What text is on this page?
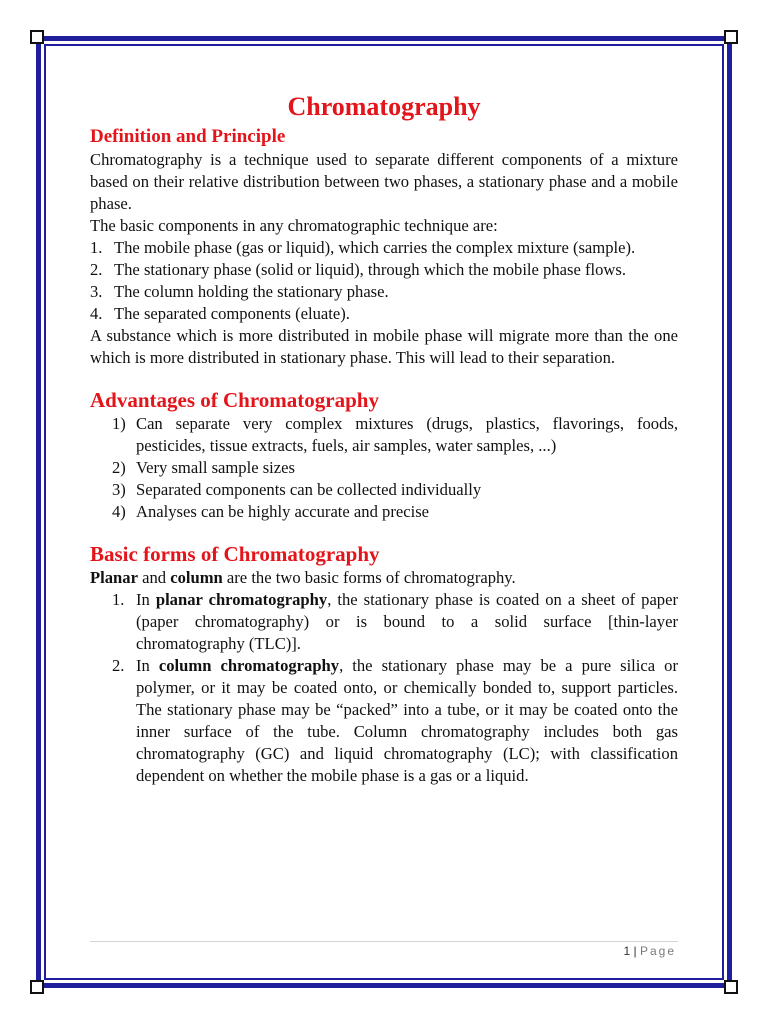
Chromatography
Definition and Principle

Chromatography is a technique used to separate different components of a mixture based on their relative distribution between two phases, a stationary phase and a mobile phase.

The basic components in any chromatographic technique are:

1. The mobile phase (gas or liquid), which carries the complex mixture (sample).
2. The stationary phase (solid or liquid), through which the mobile phase flows.
3. The column holding the stationary phase.
4. The separated components (eluate).

A substance which is more distributed in mobile phase will migrate more than the one which is more distributed in stationary phase. This will lead to their separation.

Advantages of Chromatography
1) Can separate very complex mixtures (drugs, plastics, flavorings, foods, pesticides, tissue extracts, fuels, air samples, water samples, ...)
2) Very small sample sizes
3) Separated components can be collected individually
4) Analyses can be highly accurate and precise
Basic forms of Chromatography

Planar and column are the two basic forms of chromatography.

1. In planar chromatography, the stationary phase is coated on a sheet of paper (paper chromatography) or is bound to a solid surface [thin-layer chromatography (TLC)].
2. In column chromatography, the stationary phase may be a pure silica or polymer, or it may be coated onto, or chemically bonded to, support particles. The stationary phase may be “packed” into a tube, or it may be coated onto the inner surface of the tube. Column chromatography includes both gas chromatography (GC) and liquid chromatography (LC); with classification dependent on whether the mobile phase is a gas or a liquid.
1 | Page
